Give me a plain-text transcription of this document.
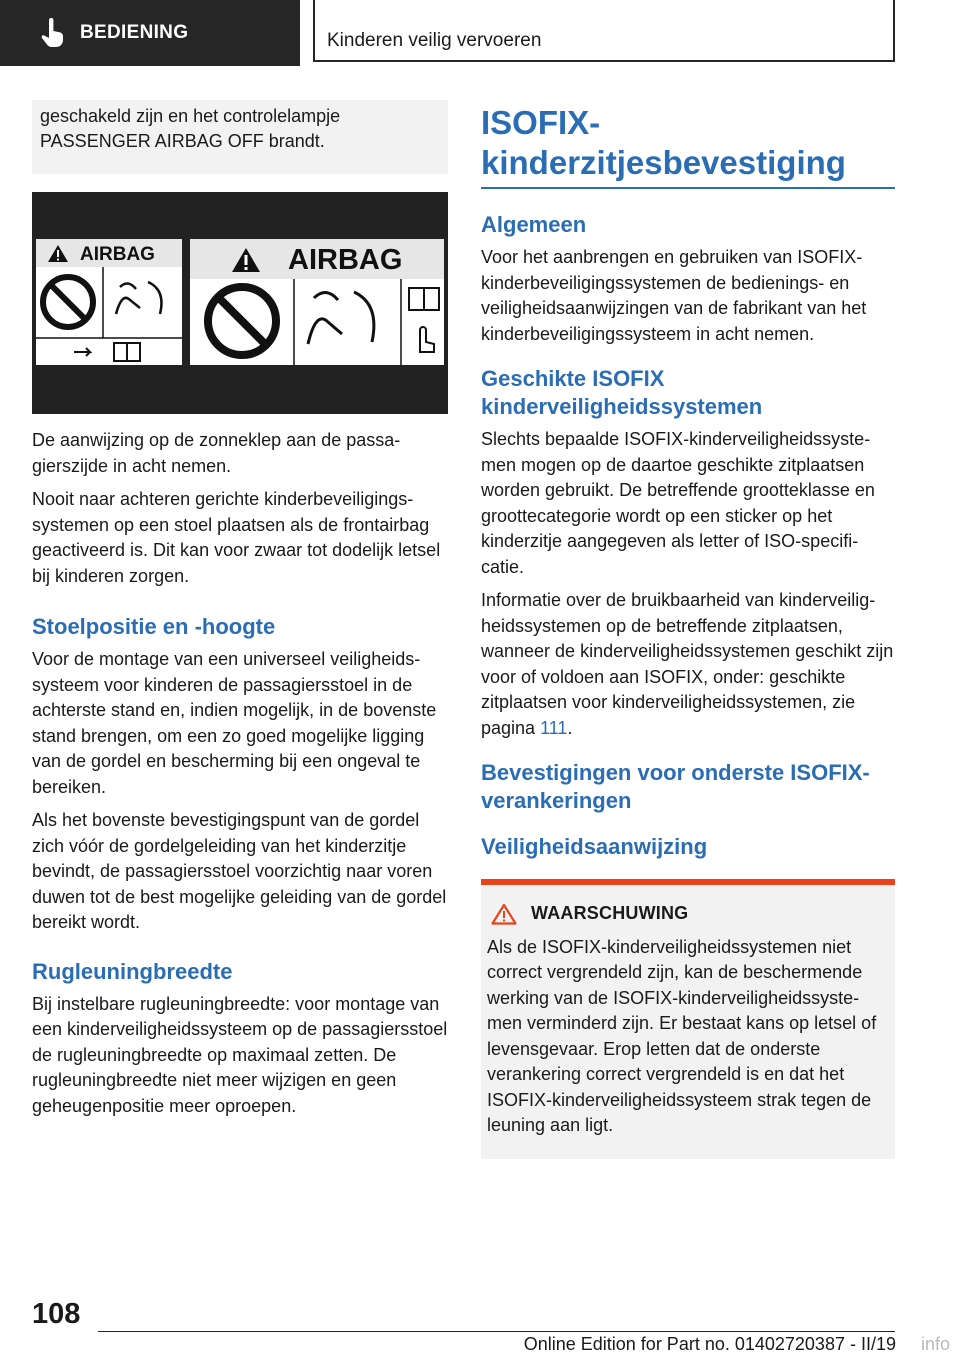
BEDIENING	Kinderen veilig vervoeren
geschakeld zijn en het controlelampje PASSENGER AIRBAG OFF brandt.
AIRBAG	AIRBAG

De aanwijzing op de zonneklep aan de passagierszijde in acht nemen.

Nooit naar achteren gerichte kinderbeveiligingssystemen op een stoel plaatsen als de frontairbag geactiveerd is. Dit kan voor zwaar tot dodelijk letsel bij kinderen zorgen.

Stoelpositie en -hoogte

Voor de montage van een universeel veiligheidssysteem voor kinderen de passagiersstoel in de achterste stand en, indien mogelijk, in de bovenste stand brengen, om een zo goed mogelijke ligging van de gordel en bescherming bij een ongeval te bereiken.

Als het bovenste bevestigingspunt van de gordel zich vóór de gordelgeleiding van het kinderzitje bevindt, de passagiersstoel voorzichtig naar voren duwen tot de best mogelijke geleiding van de gordel bereikt wordt.

Rugleuningbreedte

Bij instelbare rugleuningbreedte: voor montage van een kinderveiligheidssysteem op de passagiersstoel de rugleuningbreedte op maximaal zetten. De rugleuningbreedte niet meer wijzigen en geen geheugenpositie meer oproepen.

ISOFIX-kinderzitjesbevestiging
Algemeen

Voor het aanbrengen en gebruiken van ISOFIX-kinderbeveiligingssystemen de bedienings- en veiligheidsaanwijzingen van de fabrikant van het kinderbeveiligingssysteem in acht nemen.

Geschikte ISOFIX kinderveiligheidssystemen

Slechts bepaalde ISOFIX-kinderveiligheidssystemen mogen op de daartoe geschikte zitplaatsen worden gebruikt. De betreffende grootteklasse en groottecategorie wordt op een sticker op het kinderzitje aangegeven als letter of ISO-specificatie.

Informatie over de bruikbaarheid van kinderveiligheidssystemen op de betreffende zitplaatsen, wanneer de kinderveiligheidssystemen geschikt zijn voor of voldoen aan ISOFIX, onder: geschikte zitplaatsen voor kinderveiligheidssystemen, zie pagina 111.

Bevestigingen voor onderste ISOFIX-verankeringen
Veiligheidsaanwijzing
WAARSCHUWING
Als de ISOFIX-kinderveiligheidssystemen niet correct vergrendeld zijn, kan de beschermende werking van de ISOFIX-kinderveiligheidssystemen verminderd zijn. Er bestaat kans op letsel of levensgevaar. Erop letten dat de onderste verankering correct vergrendeld is en dat het ISOFIX-kinderveiligheidssysteem strak tegen de leuning aan ligt.
108
Online Edition for Part no. 01402720387 - II/19 info
